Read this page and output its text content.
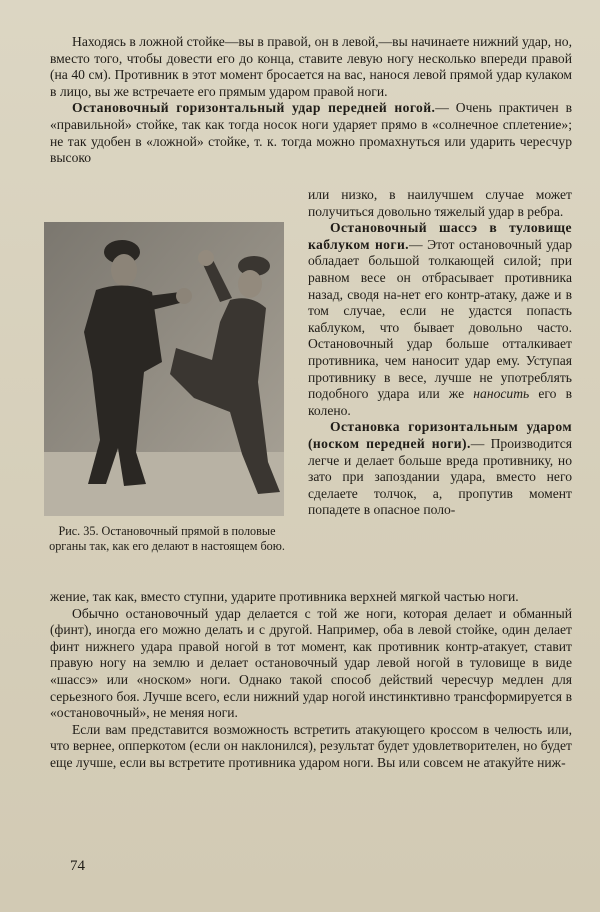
Находясь в ложной стойке—вы в правой, он в левой,—вы начинаете нижний удар, но, вместо того, чтобы довести его до конца, ставите левую ногу несколько впереди правой (на 40 см). Противник в этот момент бросается на вас, нанося левой прямой удар кулаком в лицо, вы же встречаете его прямым ударом правой ноги.

Остановочный горизонтальный удар передней ногой.— Очень практичен в «правильной» стойке, так как тогда носок ноги ударяет прямо в «солнечное сплетение»; не так удобен в «ложной» стойке, т. к. тогда можно промахнуться или ударить чересчур высоко

или низко, в наилучшем случае может получиться довольно тяжелый удар в ребра.

Остановочный шассэ в туловище каблуком ноги.— Этот остановочный удар обладает большой толкающей силой; при равном весе он отбрасывает противника назад, сводя на-нет его контр-атаку, даже и в том случае, если не удастся попасть каблуком, что бывает довольно часто. Остановочный удар больше отталкивает противника, чем наносит удар ему. Уступая противнику в весе, лучше не употреблять подобного удара или же наносить его в колено.

Остановка горизонтальным ударом (носком передней ноги).— Производится легче и делает больше вреда противнику, но зато при запоздании удара, вместо него сделаете толчок, а, пропутив момент попадете в опасное поло-

Рис. 35. Остановочный прямой в половые органы так, как его делают в настоящем бою.

жение, так как, вместо ступни, ударите противника верхней мягкой частью ноги.

Обычно остановочный удар делается с той же ноги, которая делает и обманный (финт), иногда его можно делать и с другой. Например, оба в левой стойке, один делает финт нижнего удара правой ногой в тот момент, как противник контр-атакует, ставит правую ногу на землю и делает остановочный удар левой ногой в туловище в виде «шассэ» или «носком» ноги. Однако такой способ действий чересчур медлен для серьезного боя. Лучше всего, если нижний удар ногой инстинктивно трансформируется в «остановочный», не меняя ноги.

Если вам представится возможность встретить атакующего кроссом в челюсть или, что вернее, опперкотом (если он наклонился), результат будет удовлетворителен, но будет еще лучше, если вы встретите противника ударом ноги. Вы или совсем не атакуйте ниж-

74
